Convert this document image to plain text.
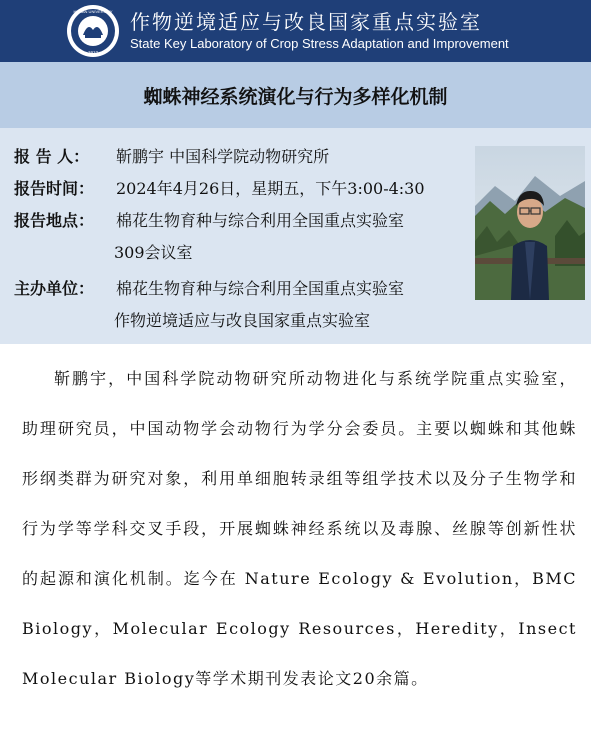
HENAN UNIVERSITY
1912
作物逆境适应与改良国家重点实验室
State Key Laboratory of Crop Stress Adaptation and Improvement
蜘蛛神经系统演化与行为多样化机制
报 告 人： 靳鹏宇 中国科学院动物研究所
报告时间： 2024年4月26日，星期五，下午3:00-4:30
报告地点： 棉花生物育种与综合利用全国重点实验室
309会议室
主办单位： 棉花生物育种与综合利用全国重点实验室
作物逆境适应与改良国家重点实验室

靳鹏宇，中国科学院动物研究所动物进化与系统学院重点实验室，助理研究员，中国动物学会动物行为学分会委员。主要以蜘蛛和其他蛛形纲类群为研究对象，利用单细胞转录组等组学技术以及分子生物学和行为学等学科交叉手段，开展蜘蛛神经系统以及毒腺、丝腺等创新性状的起源和演化机制。迄今在 Nature Ecology & Evolution，BMC Biology，Molecular Ecology Resources，Heredity，Insect Molecular Biology等学术期刊发表论文20余篇。
